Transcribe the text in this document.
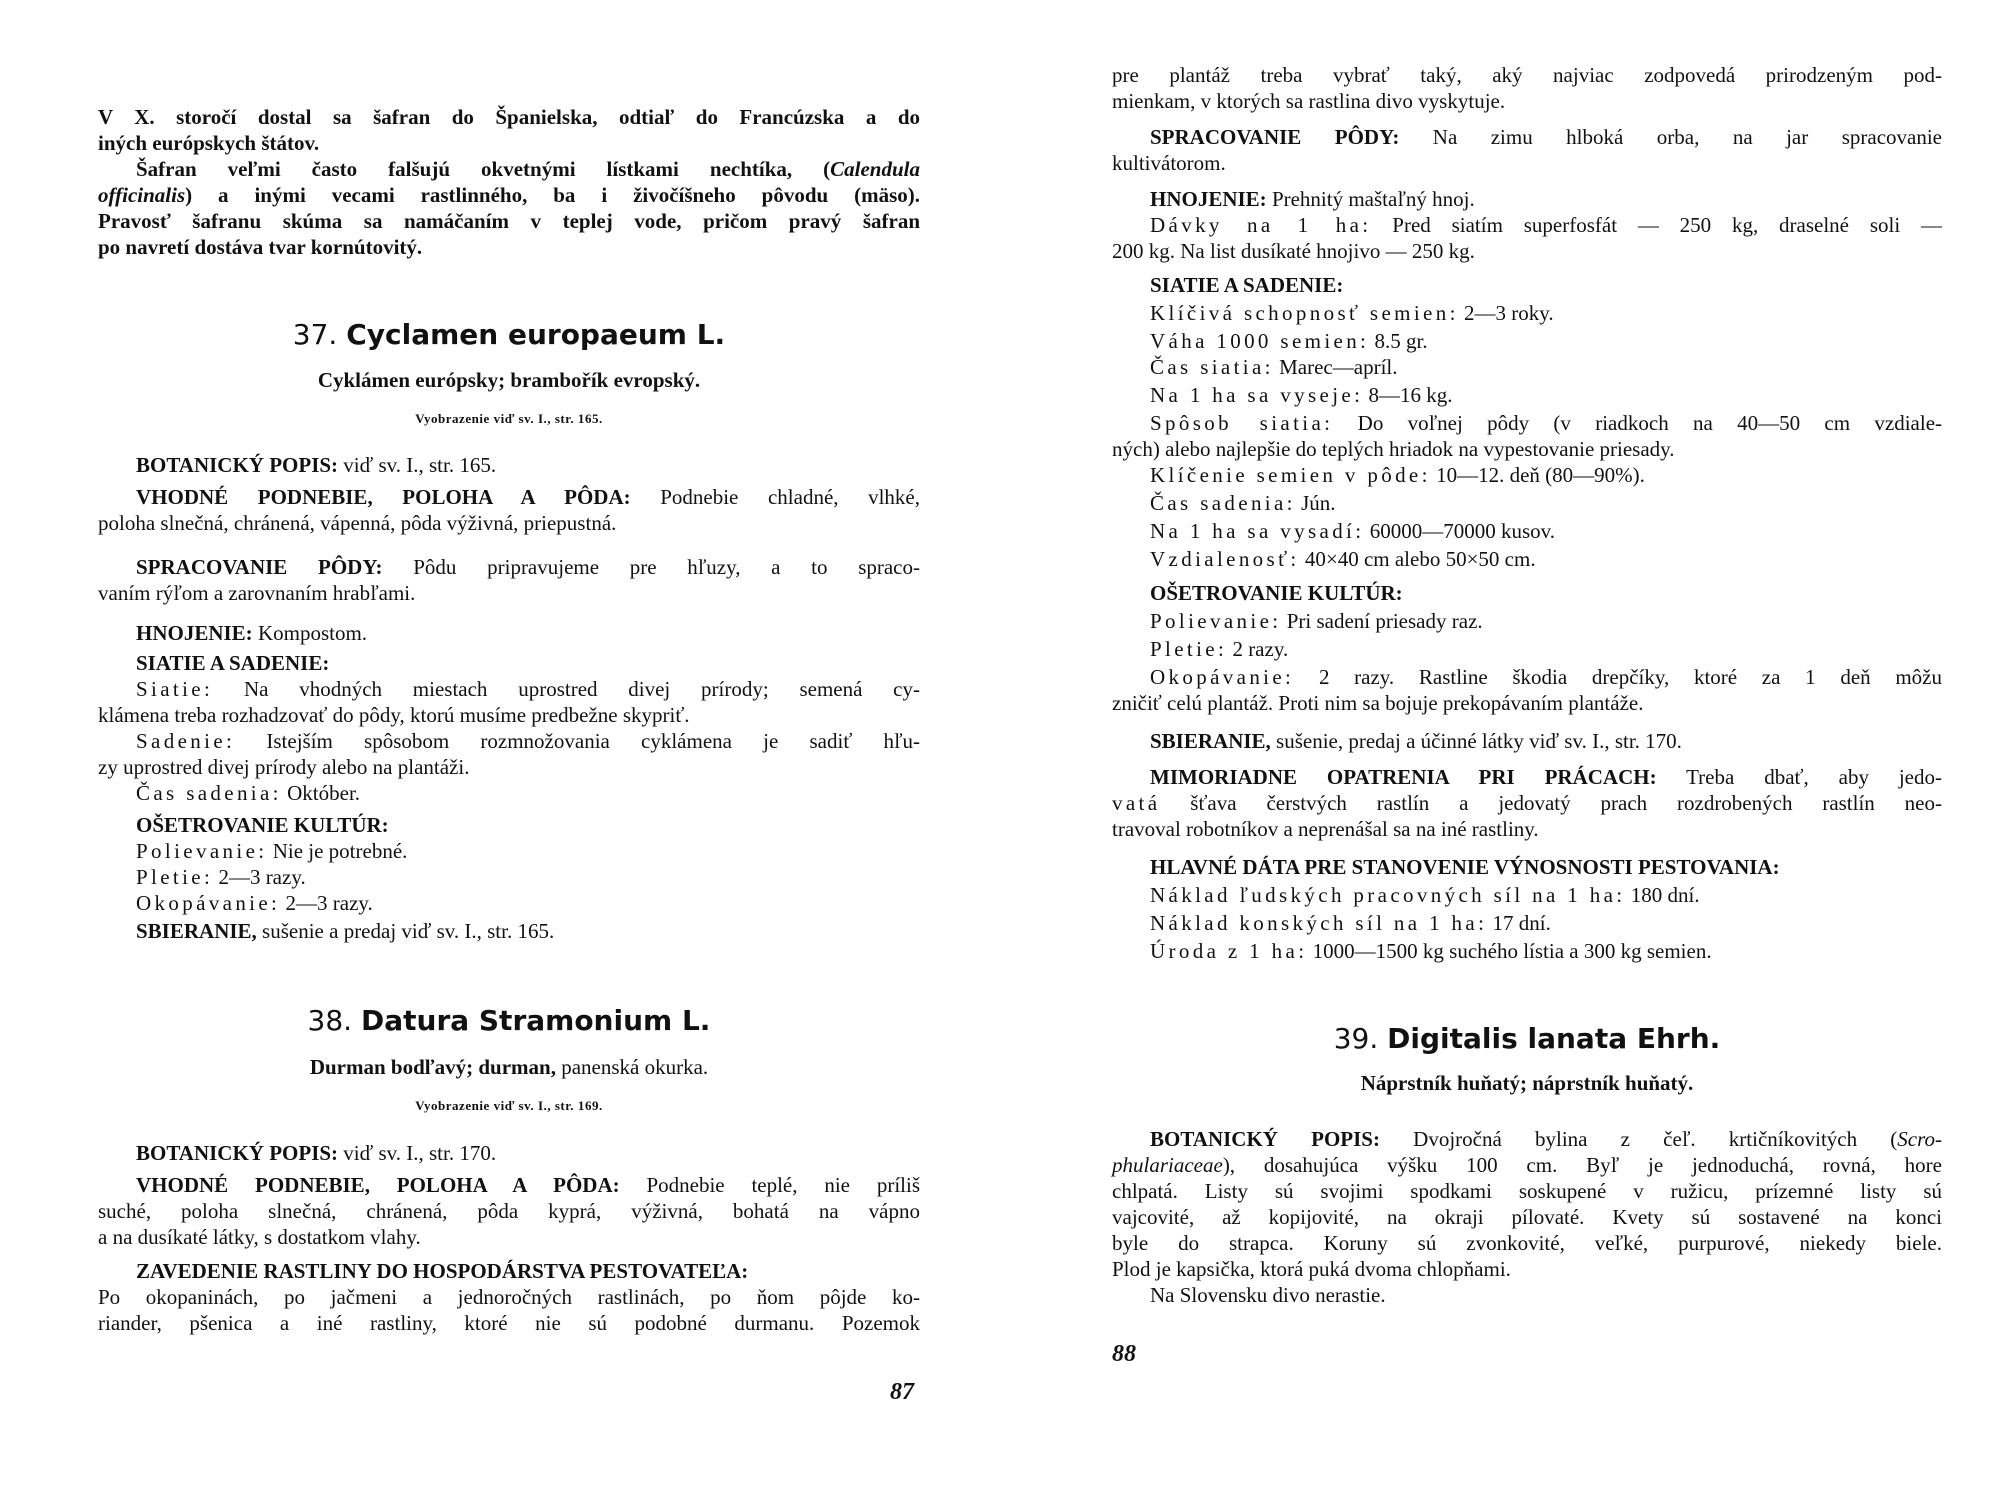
V X. storočí dostal sa šafran do Španielska, odtiaľ do Francúzska a do
iných európskych štátov.
Šafran veľmi často falšujú okvetnými lístkami nechtíka, (Calendula
officinalis) a inými vecami rastlinného, ba i živočíšneho pôvodu (mäso).
Pravosť šafranu skúma sa namáčaním v teplej vode, pričom pravý šafran
po navretí dostáva tvar kornútovitý.
37. Cyclamen europaeum L.
Cyklámen európsky; brambořík evropský.
Vyobrazenie viď sv. I., str. 165.
BOTANICKÝ POPIS: viď sv. I., str. 165.
VHODNÉ PODNEBIE, POLOHA A PÔDA: Podnebie chladné, vlhké,
poloha slnečná, chránená, vápenná, pôda výživná, priepustná.
SPRACOVANIE PÔDY: Pôdu pripravujeme pre hľuzy, a to spraco-
vaním rýľom a zarovnaním hrabľami.
HNOJENIE: Kompostom.
SIATIE A SADENIE:
Siatie: Na vhodných miestach uprostred divej prírody; semená cy-
klámena treba rozhadzovať do pôdy, ktorú musíme predbežne skypriť.
Sadenie: Istejším spôsobom rozmnožovania cyklámena je sadiť hľu-
zy uprostred divej prírody alebo na plantáži.
Čas sadenia: Október.
OŠETROVANIE KULTÚR:
Polievanie: Nie je potrebné.
Pletie: 2—3 razy.
Okopávanie: 2—3 razy.
SBIERANIE, sušenie a predaj viď sv. I., str. 165.
38. Datura Stramonium L.
Durman bodľavý; durman, panenská okurka.
Vyobrazenie viď sv. I., str. 169.
BOTANICKÝ POPIS: viď sv. I., str. 170.
VHODNÉ PODNEBIE, POLOHA A PÔDA: Podnebie teplé, nie príliš
suché, poloha slnečná, chránená, pôda kyprá, výživná, bohatá na vápno
a na dusíkaté látky, s dostatkom vlahy.
ZAVEDENIE RASTLINY DO HOSPODÁRSTVA PESTOVATEĽA:
Po okopaninách, po jačmeni a jednoročných rastlinách, po ňom pôjde ko-
riander, pšenica a iné rastliny, ktoré nie sú podobné durmanu. Pozemok
87
pre plantáž treba vybrať taký, aký najviac zodpovedá prirodzeným pod-
mienkam, v ktorých sa rastlina divo vyskytuje.
SPRACOVANIE PÔDY: Na zimu hlboká orba, na jar spracovanie
kultivátorom.
HNOJENIE: Prehnitý maštaľný hnoj.
Dávky na 1 ha: Pred siatím superfosfát — 250 kg, draselné soli —
200 kg. Na list dusíkaté hnojivo — 250 kg.
SIATIE A SADENIE:
Klíčivá schopnosť semien: 2—3 roky.
Váha 1000 semien: 8.5 gr.
Čas siatia: Marec—apríl.
Na 1 ha sa vyseje: 8—16 kg.
Spôsob siatia: Do voľnej pôdy (v riadkoch na 40—50 cm vzdiale-
ných) alebo najlepšie do teplých hriadok na vypestovanie priesady.
Klíčenie semien v pôde: 10—12. deň (80—90%).
Čas sadenia: Jún.
Na 1 ha sa vysadí: 60000—70000 kusov.
Vzdialenosť: 40×40 cm alebo 50×50 cm.
OŠETROVANIE KULTÚR:
Polievanie: Pri sadení priesady raz.
Pletie: 2 razy.
Okopávanie: 2 razy. Rastline škodia drepčíky, ktoré za 1 deň môžu
zničiť celú plantáž. Proti nim sa bojuje prekopávaním plantáže.
SBIERANIE, sušenie, predaj a účinné látky viď sv. I., str. 170.
MIMORIADNE OPATRENIA PRI PRÁCACH: Treba dbať, aby jedo-
vatá šťava čerstvých rastlín a jedovatý prach rozdrobených rastlín neo-
travoval robotníkov a neprenášal sa na iné rastliny.
HLAVNÉ DÁTA PRE STANOVENIE VÝNOSNOSTI PESTOVANIA:
Náklad ľudských pracovných síl na 1 ha: 180 dní.
Náklad konských síl na 1 ha: 17 dní.
Úroda z 1 ha: 1000—1500 kg suchého lístia a 300 kg semien.
39. Digitalis lanata Ehrh.
Náprstník huňatý; náprstník huňatý.
BOTANICKÝ POPIS: Dvojročná bylina z čeľ. krtičníkovitých (Scro-
phulariaceae), dosahujúca výšku 100 cm. Byľ je jednoduchá, rovná, hore
chlpatá. Listy sú svojimi spodkami soskupené v ružicu, prízemné listy sú
vajcovité, až kopijovité, na okraji pílovaté. Kvety sú sostavené na konci
byle do strapca. Koruny sú zvonkovité, veľké, purpurové, niekedy biele.
Plod je kapsička, ktorá puká dvoma chlopňami.
Na Slovensku divo nerastie.
88
